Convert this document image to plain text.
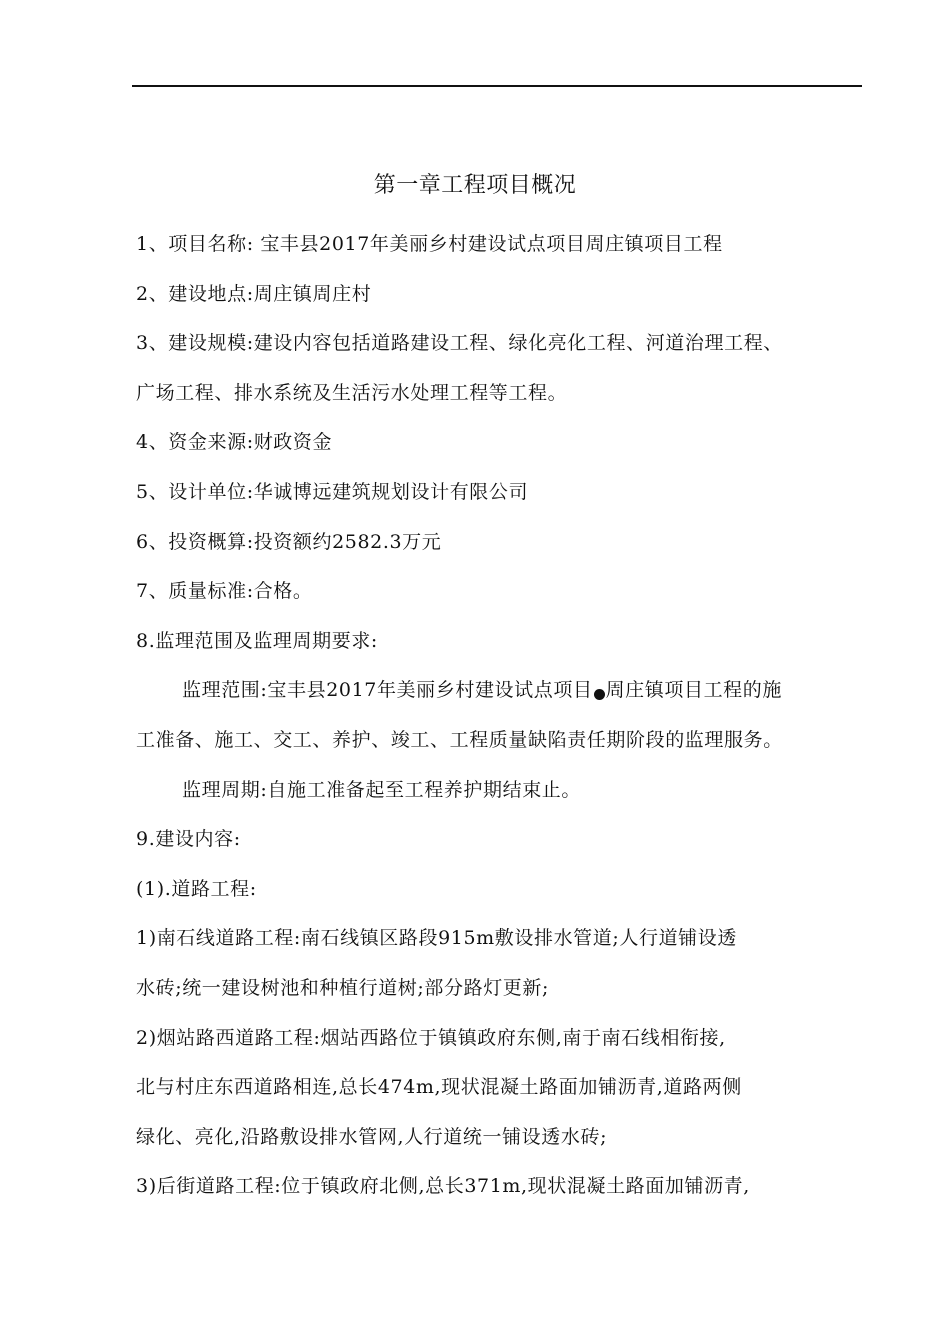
第一章工程项目概况
1、项目名称: 宝丰县2017年美丽乡村建设试点项目周庄镇项目工程
2、建设地点:周庄镇周庄村
3、建设规模:建设内容包括道路建设工程、绿化亮化工程、河道治理工程、
广场工程、排水系统及生活污水处理工程等工程。
4、资金来源:财政资金
5、设计单位:华诚博远建筑规划设计有限公司
6、投资概算:投资额约2582.3万元
7、质量标准:合格。
8.监理范围及监理周期要求:
监理范围:宝丰县2017年美丽乡村建设试点项目 周庄镇项目工程的施
工准备、施工、交工、养护、竣工、工程质量缺陷责任期阶段的监理服务。
监理周期:自施工准备起至工程养护期结束止。
9.建设内容:
(1).道路工程:
1)南石线道路工程:南石线镇区路段915m敷设排水管道;人行道铺设透
水砖;统一建设树池和种植行道树;部分路灯更新;
2)烟站路西道路工程:烟站西路位于镇镇政府东侧,南于南石线相衔接,
北与村庄东西道路相连,总长474m,现状混凝土路面加铺沥青,道路两侧
绿化、亮化,沿路敷设排水管网,人行道统一铺设透水砖;
3)后街道路工程:位于镇政府北侧,总长371m,现状混凝土路面加铺沥青,
